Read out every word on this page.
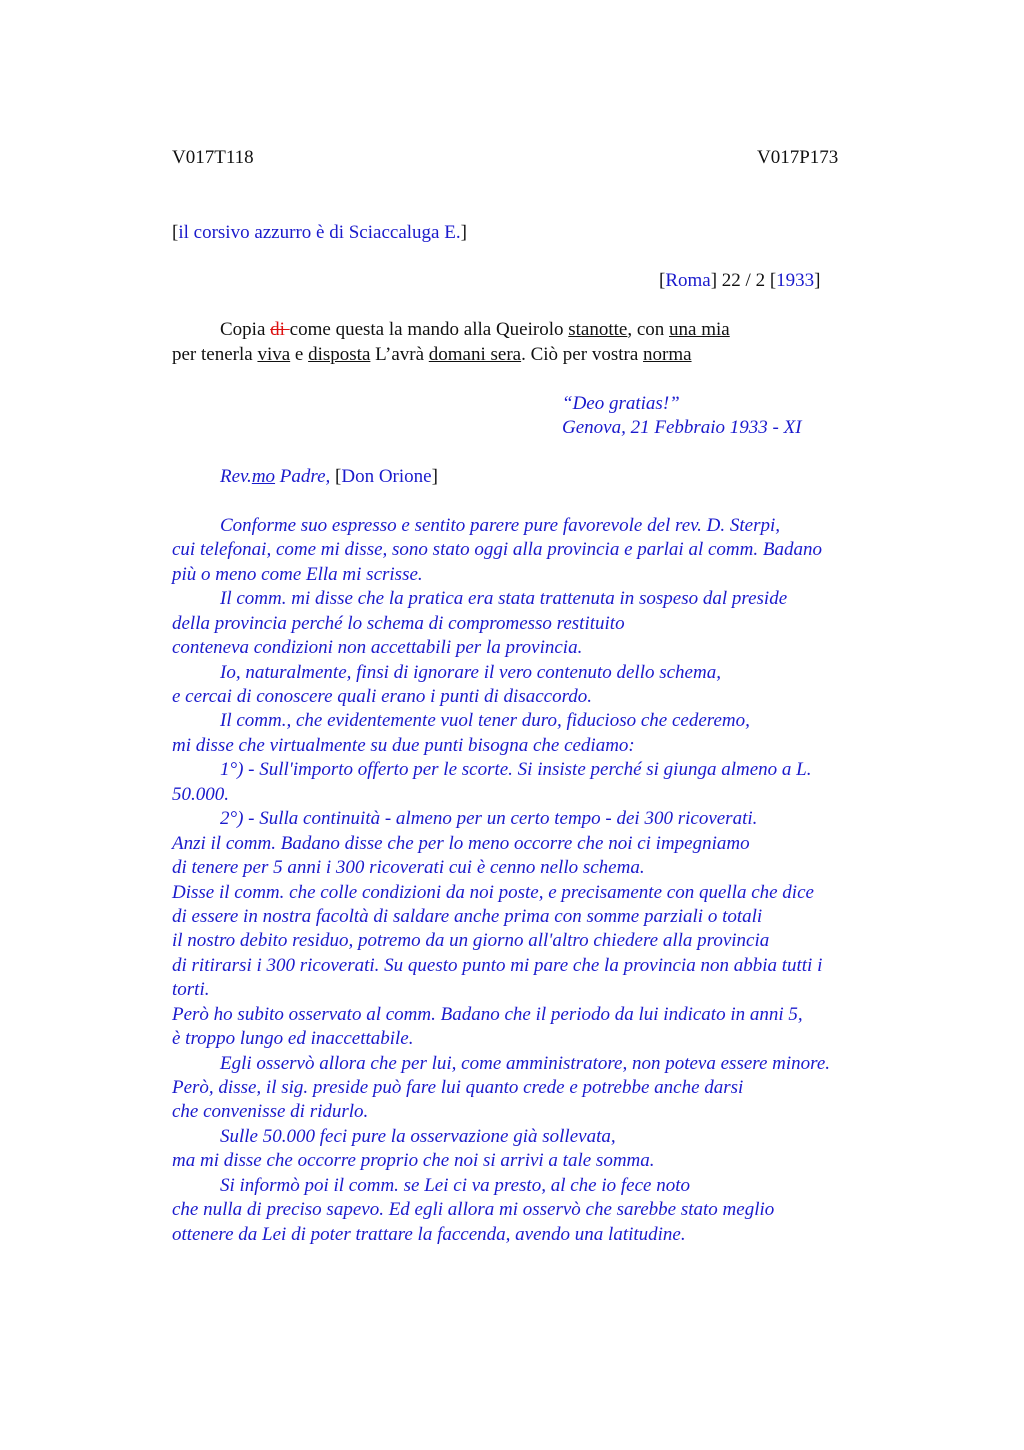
V017T118	V017P173
[il corsivo azzurro è di Sciaccaluga E.]
[Roma] 22 / 2 [1933]
Copia di come questa la mando alla Queirolo stanotte, con una mia
per tenerla viva e disposta L’avrà domani sera. Ciò per vostra norma
“Deo gratias!”
Genova, 21 Febbraio 1933 - XI
Rev.mo Padre, [Don Orione]
Conforme suo espresso e sentito parere pure favorevole del rev. D. Sterpi,
cui telefonai, come mi disse, sono stato oggi alla provincia e parlai al comm. Badano
più o meno come Ella mi scrisse.
Il comm. mi disse che la pratica era stata trattenuta in sospeso dal preside
della provincia perché lo schema di compromesso restituito
conteneva condizioni non accettabili per la provincia.
Io, naturalmente, finsi di ignorare il vero contenuto dello schema,
e cercai di conoscere quali erano i punti di disaccordo.
Il comm., che evidentemente vuol tener duro, fiducioso che cederemo,
mi disse che virtualmente su due punti bisogna che cediamo:
1°) - Sull'importo offerto per le scorte. Si insiste perché si giunga almeno a L.
50.000.
2°) - Sulla continuità - almeno per un certo tempo - dei 300 ricoverati.
Anzi il comm. Badano disse che per lo meno occorre che noi ci impegniamo
di tenere per 5 anni i 300 ricoverati cui è cenno nello schema.
Disse il comm. che colle condizioni da noi poste, e precisamente con quella che dice
di essere in nostra facoltà di saldare anche prima con somme parziali o totali
il nostro debito residuo, potremo da un giorno all'altro chiedere alla provincia
di ritirarsi i 300 ricoverati. Su questo punto mi pare che la provincia non abbia tutti i
torti.
Però ho subito osservato al comm. Badano che il periodo da lui indicato in anni 5,
è troppo lungo ed inaccettabile.
Egli osservò allora che per lui, come amministratore, non poteva essere minore.
Però, disse, il sig. preside può fare lui quanto crede e potrebbe anche darsi
che convenisse di ridurlo.
Sulle 50.000 feci pure la osservazione già sollevata,
ma mi disse che occorre proprio che noi si arrivi a tale somma.
Si informò poi il comm. se Lei ci va presto, al che io fece noto
che nulla di preciso sapevo. Ed egli allora mi osservò che sarebbe stato meglio
ottenere da Lei di poter trattare la faccenda, avendo una latitudine.
